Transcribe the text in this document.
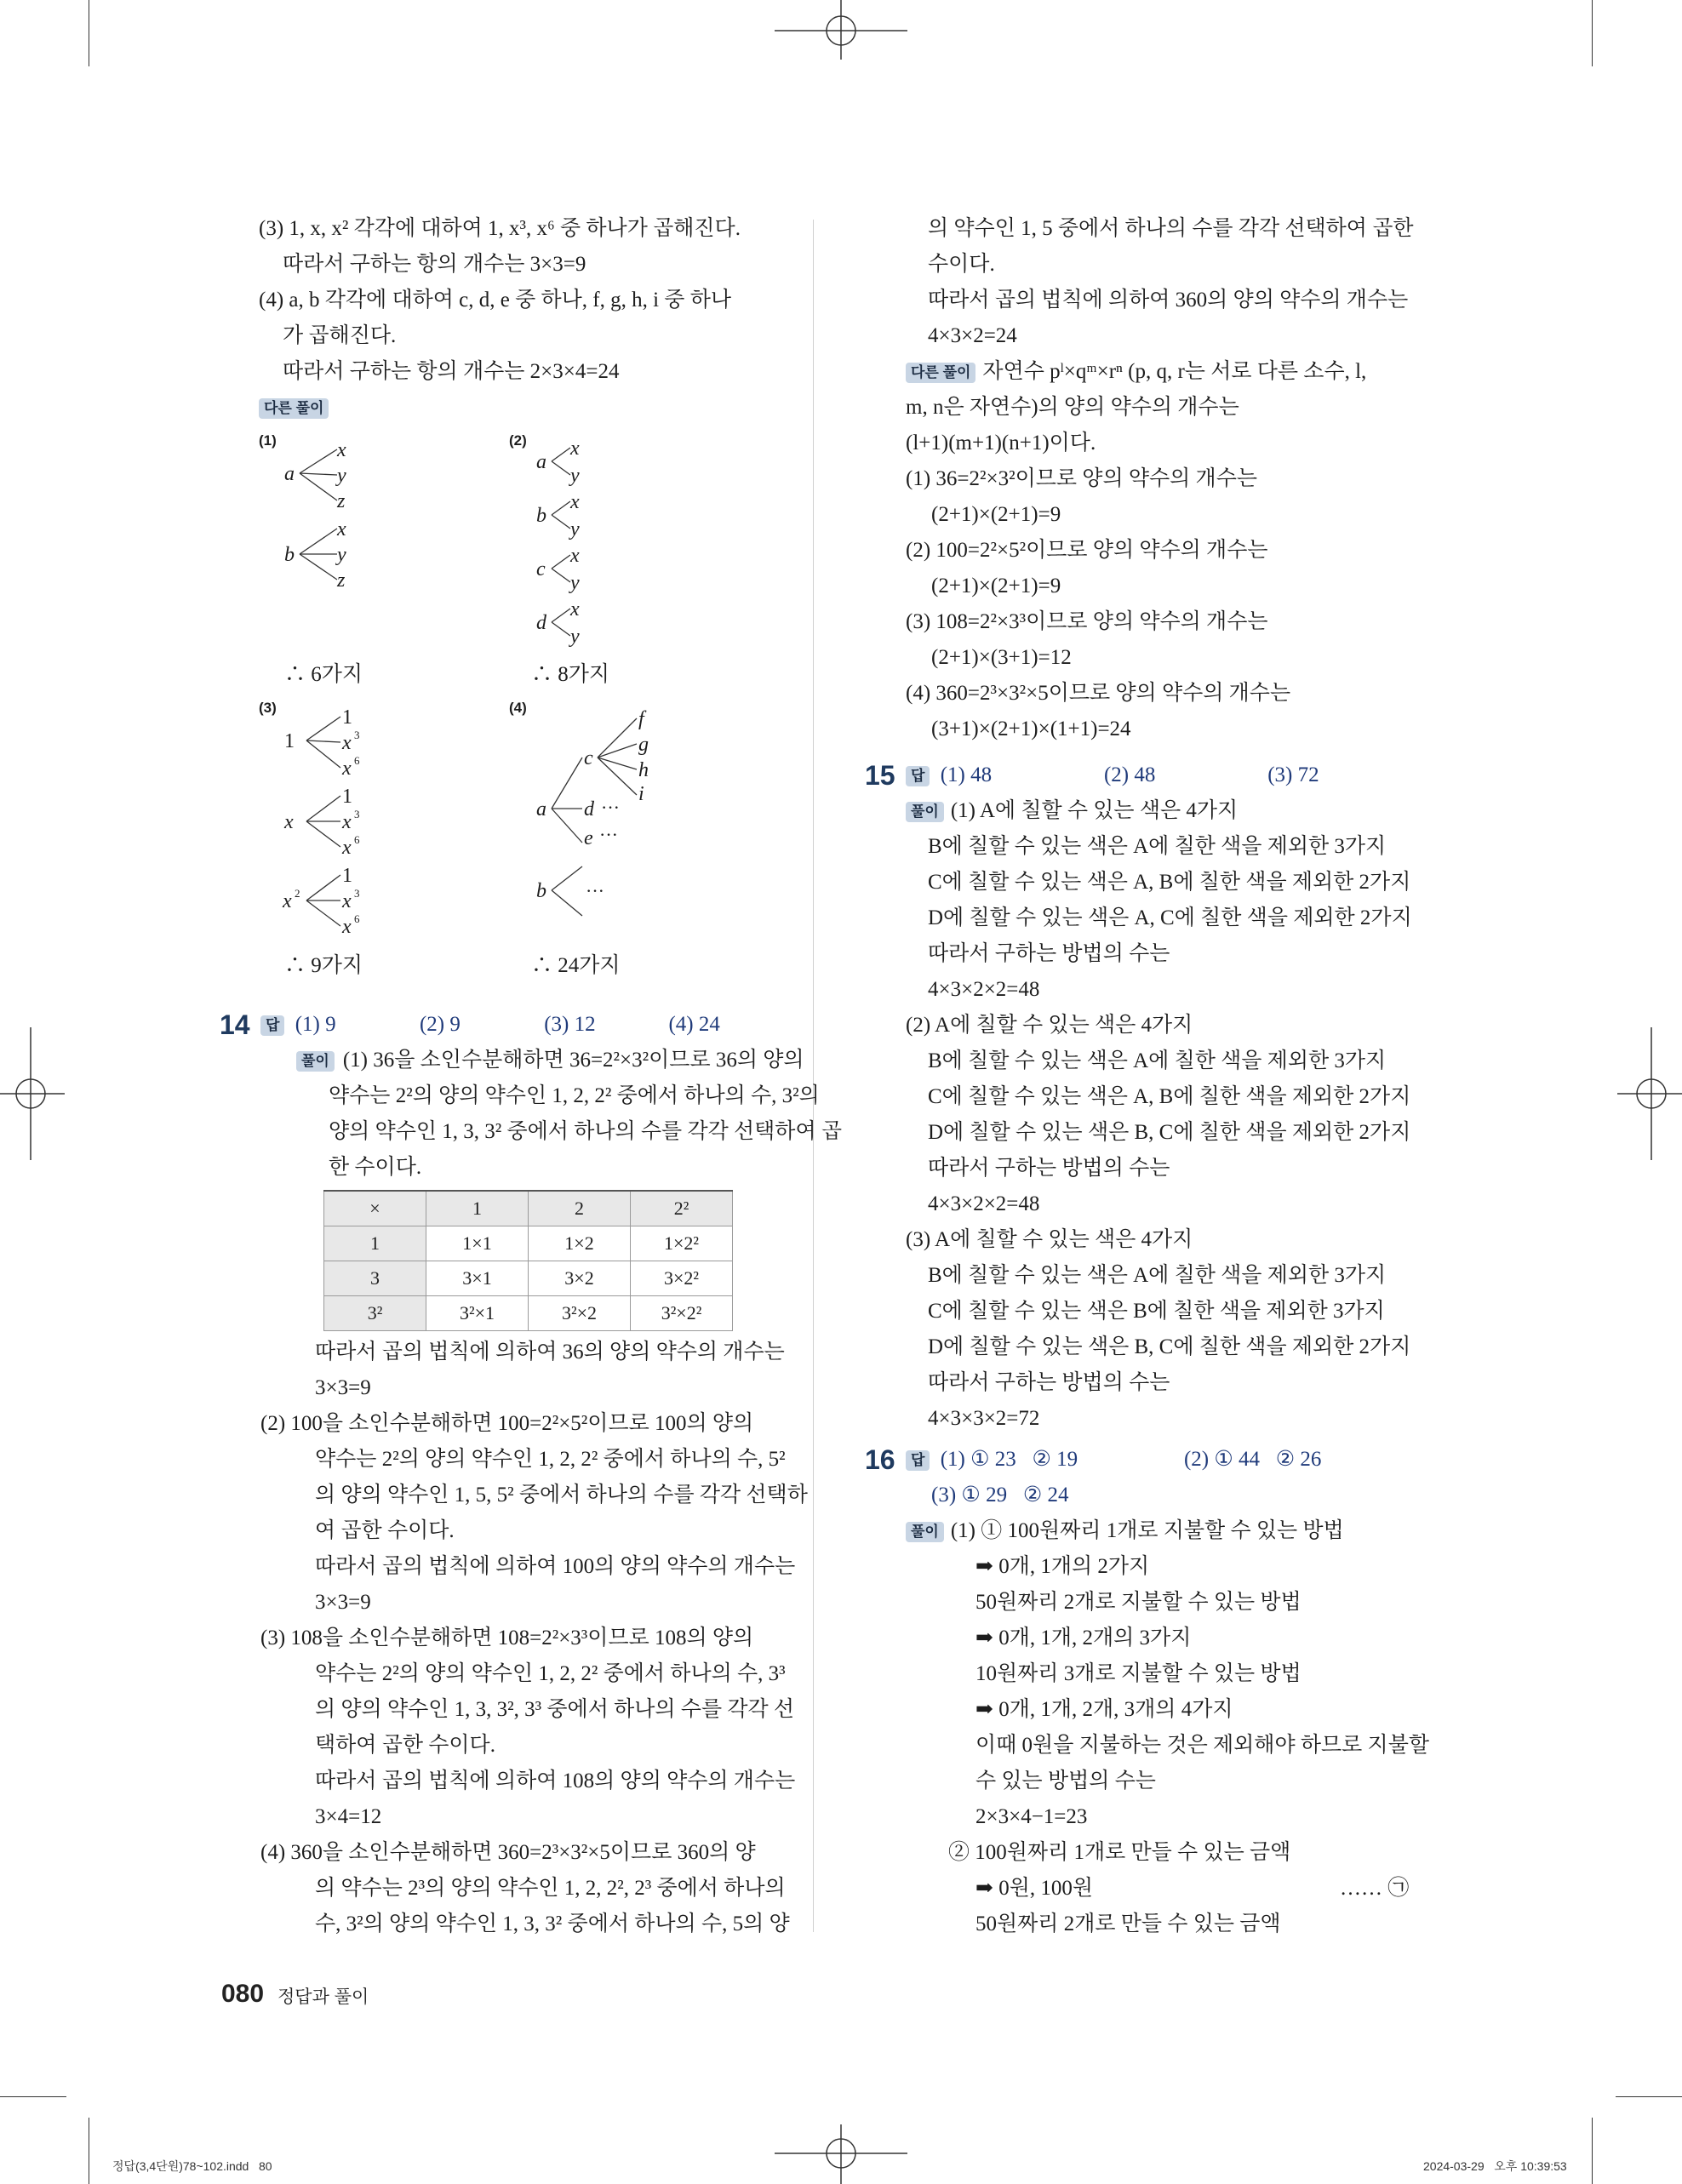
(3) 1, x, x² 각각에 대하여 1, x³, x⁶ 중 하나가 곱해진다.
따라서 구하는 항의 개수는 3×3=9
(4) a, b 각각에 대하여 c, d, e 중 하나, f, g, h, i 중 하나
가 곱해진다.
따라서 구하는 항의 개수는 2×3×4=24
다른 풀이
(1)
a
x
y
z
b
x
y
z
∴ 6가지
(2)
a
x
y
b
x
y
c
x
y
d
x
y
∴ 8가지
(3)
1
1
x 3
x 6
x
1
x 3
x 6
x 2
1
x 3
x 6
∴ 9가지
(4)
a
c
d
e
f
g
h
i
b
···
···
···
∴ 24가지
14	답 (1) 9	(2) 9	(3) 12	(4) 24
풀이 (1) 36을 소인수분해하면 36=2²×3²이므로 36의 양의
약수는 2²의 양의 약수인 1, 2, 2² 중에서 하나의 수, 3²의
양의 약수인 1, 3, 3² 중에서 하나의 수를 각각 선택하여 곱
한 수이다.
×	1	2	2²
1	1×1	1×2	1×2²
3	3×1	3×2	3×2²
3²	3²×1	3²×2	3²×2²
따라서 곱의 법칙에 의하여 36의 양의 약수의 개수는
3×3=9
(2) 100을 소인수분해하면 100=2²×5²이므로 100의 양의
약수는 2²의 양의 약수인 1, 2, 2² 중에서 하나의 수, 5²
의 양의 약수인 1, 5, 5² 중에서 하나의 수를 각각 선택하
여 곱한 수이다.
따라서 곱의 법칙에 의하여 100의 양의 약수의 개수는
3×3=9
(3) 108을 소인수분해하면 108=2²×3³이므로 108의 양의
약수는 2²의 양의 약수인 1, 2, 2² 중에서 하나의 수, 3³
의 양의 약수인 1, 3, 3², 3³ 중에서 하나의 수를 각각 선
택하여 곱한 수이다.
따라서 곱의 법칙에 의하여 108의 양의 약수의 개수는
3×4=12
(4) 360을 소인수분해하면 360=2³×3²×5이므로 360의 양
의 약수는 2³의 양의 약수인 1, 2, 2², 2³ 중에서 하나의
수, 3²의 양의 약수인 1, 3, 3² 중에서 하나의 수, 5의 양
의 약수인 1, 5 중에서 하나의 수를 각각 선택하여 곱한
수이다.
따라서 곱의 법칙에 의하여 360의 양의 약수의 개수는
4×3×2=24
다른 풀이 자연수 pˡ×qᵐ×rⁿ (p, q, r는 서로 다른 소수, l,
m, n은 자연수)의 양의 약수의 개수는
(l+1)(m+1)(n+1)이다.
(1) 36=2²×3²이므로 양의 약수의 개수는
(2+1)×(2+1)=9
(2) 100=2²×5²이므로 양의 약수의 개수는
(2+1)×(2+1)=9
(3) 108=2²×3³이므로 양의 약수의 개수는
(2+1)×(3+1)=12
(4) 360=2³×3²×5이므로 양의 약수의 개수는
(3+1)×(2+1)×(1+1)=24
15	답 (1) 48	(2) 48	(3) 72
풀이 (1) A에 칠할 수 있는 색은 4가지
B에 칠할 수 있는 색은 A에 칠한 색을 제외한 3가지
C에 칠할 수 있는 색은 A, B에 칠한 색을 제외한 2가지
D에 칠할 수 있는 색은 A, C에 칠한 색을 제외한 2가지
따라서 구하는 방법의 수는
4×3×2×2=48
(2) A에 칠할 수 있는 색은 4가지
B에 칠할 수 있는 색은 A에 칠한 색을 제외한 3가지
C에 칠할 수 있는 색은 A, B에 칠한 색을 제외한 2가지
D에 칠할 수 있는 색은 B, C에 칠한 색을 제외한 2가지
따라서 구하는 방법의 수는
4×3×2×2=48
(3) A에 칠할 수 있는 색은 4가지
B에 칠할 수 있는 색은 A에 칠한 색을 제외한 3가지
C에 칠할 수 있는 색은 B에 칠한 색을 제외한 3가지
D에 칠할 수 있는 색은 B, C에 칠한 색을 제외한 2가지
따라서 구하는 방법의 수는
4×3×3×2=72
16	답 (1) ① 23   ② 19	(2) ① 44   ② 26
(3) ① 29   ② 24
풀이 (1) ① 100원짜리 1개로 지불할 수 있는 방법
➡ 0개, 1개의 2가지
50원짜리 2개로 지불할 수 있는 방법
➡ 0개, 1개, 2개의 3가지
10원짜리 3개로 지불할 수 있는 방법
➡ 0개, 1개, 2개, 3개의 4가지
이때 0원을 지불하는 것은 제외해야 하므로 지불할
수 있는 방법의 수는
2×3×4−1=23
② 100원짜리 1개로 만들 수 있는 금액
➡ 0원, 100원	…… ㉠
50원짜리 2개로 만들 수 있는 금액
080 정답과 풀이
정답(3,4단원)78~102.indd   80	2024-03-29   오후 10:39:53
